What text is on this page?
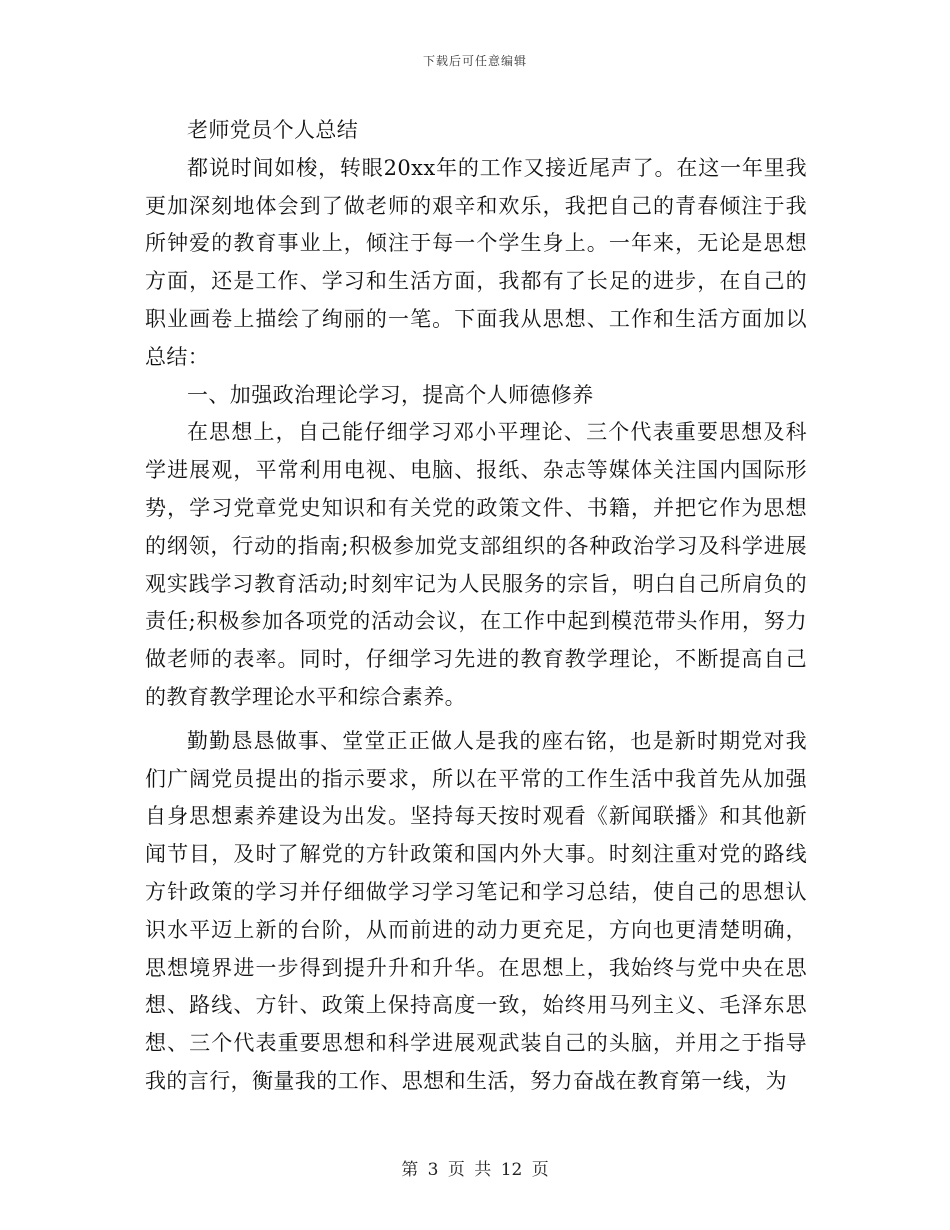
下载后可任意编辑

老师党员个人总结

都说时间如梭，转眼20xx年的工作又接近尾声了。在这一年里我更加深刻地体会到了做老师的艰辛和欢乐，我把自己的青春倾注于我所钟爱的教育事业上，倾注于每一个学生身上。一年来，无论是思想方面，还是工作、学习和生活方面，我都有了长足的进步，在自己的职业画卷上描绘了绚丽的一笔。下面我从思想、工作和生活方面加以总结：

一、加强政治理论学习，提高个人师德修养

在思想上，自己能仔细学习邓小平理论、三个代表重要思想及科学进展观，平常利用电视、电脑、报纸、杂志等媒体关注国内国际形势，学习党章党史知识和有关党的政策文件、书籍，并把它作为思想的纲领，行动的指南;积极参加党支部组织的各种政治学习及科学进展观实践学习教育活动;时刻牢记为人民服务的宗旨，明白自己所肩负的责任;积极参加各项党的活动会议，在工作中起到模范带头作用，努力做老师的表率。同时，仔细学习先进的教育教学理论，不断提高自己的教育教学理论水平和综合素养。

勤勤恳恳做事、堂堂正正做人是我的座右铭，也是新时期党对我们广阔党员提出的指示要求，所以在平常的工作生活中我首先从加强自身思想素养建设为出发。坚持每天按时观看《新闻联播》和其他新闻节目，及时了解党的方针政策和国内外大事。时刻注重对党的路线方针政策的学习并仔细做学习学习笔记和学习总结，使自己的思想认识水平迈上新的台阶，从而前进的动力更充足，方向也更清楚明确，思想境界进一步得到提升升和升华。在思想上，我始终与党中央在思想、路线、方针、政策上保持高度一致，始终用马列主义、毛泽东思想、三个代表重要思想和科学进展观武装自己的头脑，并用之于指导我的言行，衡量我的工作、思想和生活，努力奋战在教育第一线，为

第 3 页 共 12 页
